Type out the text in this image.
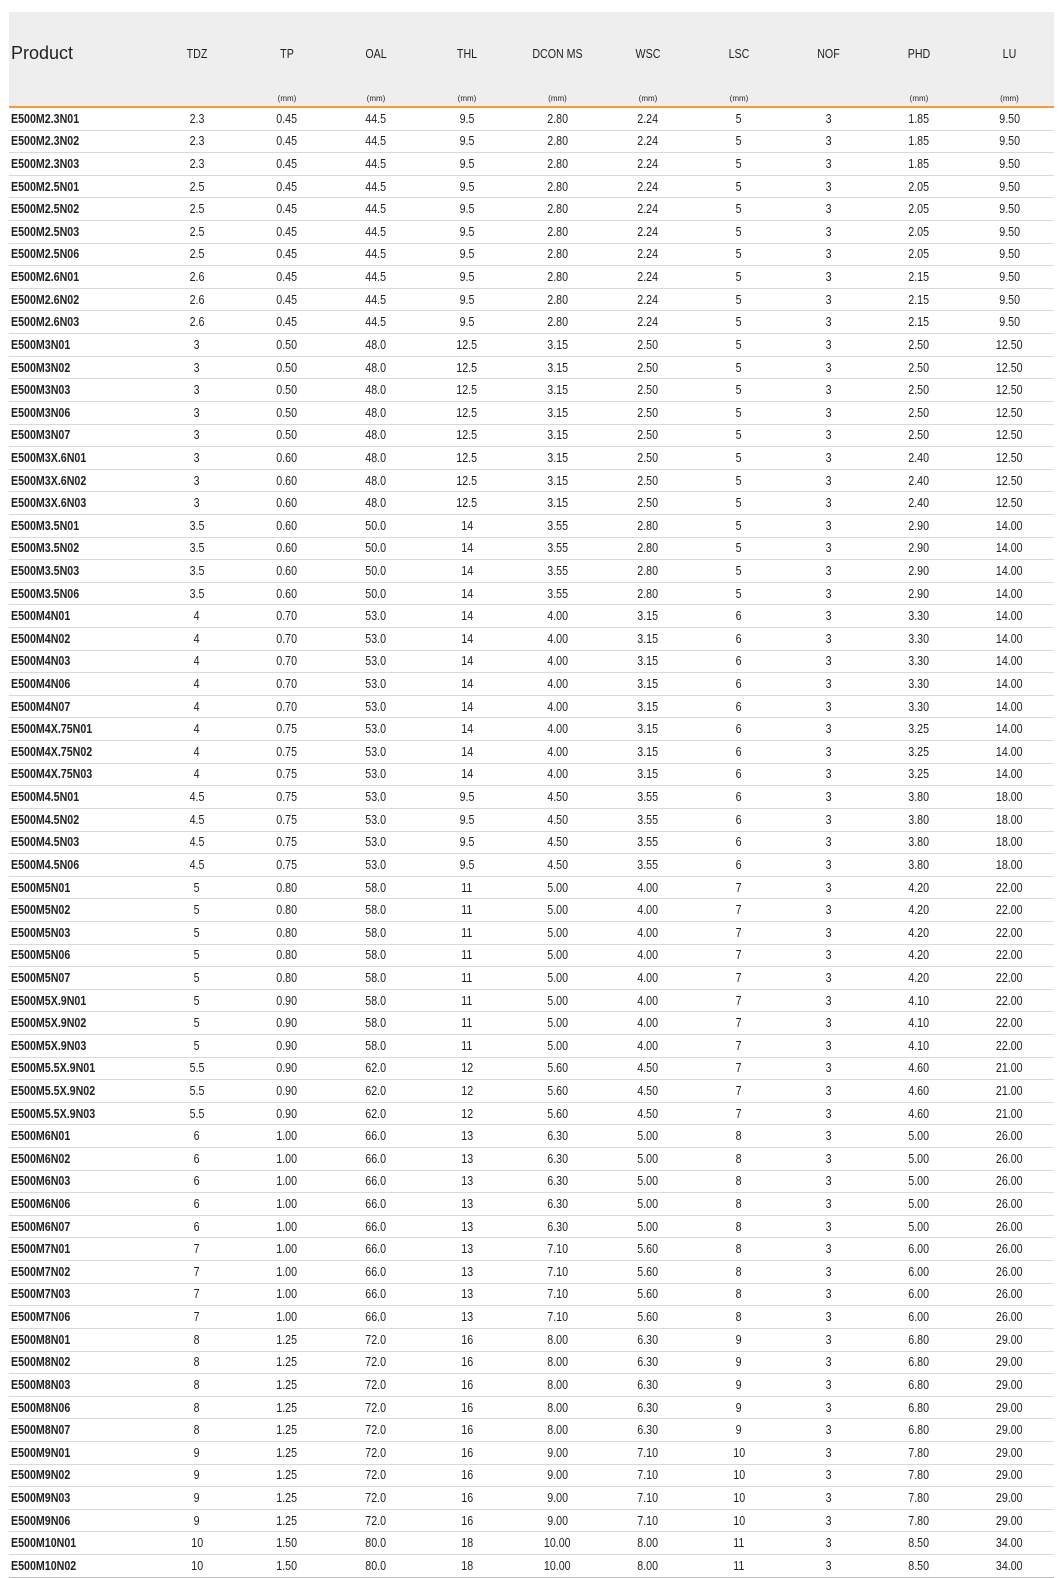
Product	TDZ	TP	OAL	THL	DCON MS	WSC	LSC	NOF	PHD	LU
		(mm)	(mm)	(mm)	(mm)	(mm)	(mm)		(mm)	(mm)
E500M2.3N01	2.3	0.45	44.5	9.5	2.80	2.24	5	3	1.85	9.50
E500M2.3N02	2.3	0.45	44.5	9.5	2.80	2.24	5	3	1.85	9.50
E500M2.3N03	2.3	0.45	44.5	9.5	2.80	2.24	5	3	1.85	9.50
E500M2.5N01	2.5	0.45	44.5	9.5	2.80	2.24	5	3	2.05	9.50
E500M2.5N02	2.5	0.45	44.5	9.5	2.80	2.24	5	3	2.05	9.50
E500M2.5N03	2.5	0.45	44.5	9.5	2.80	2.24	5	3	2.05	9.50
E500M2.5N06	2.5	0.45	44.5	9.5	2.80	2.24	5	3	2.05	9.50
E500M2.6N01	2.6	0.45	44.5	9.5	2.80	2.24	5	3	2.15	9.50
E500M2.6N02	2.6	0.45	44.5	9.5	2.80	2.24	5	3	2.15	9.50
E500M2.6N03	2.6	0.45	44.5	9.5	2.80	2.24	5	3	2.15	9.50
E500M3N01	3	0.50	48.0	12.5	3.15	2.50	5	3	2.50	12.50
E500M3N02	3	0.50	48.0	12.5	3.15	2.50	5	3	2.50	12.50
E500M3N03	3	0.50	48.0	12.5	3.15	2.50	5	3	2.50	12.50
E500M3N06	3	0.50	48.0	12.5	3.15	2.50	5	3	2.50	12.50
E500M3N07	3	0.50	48.0	12.5	3.15	2.50	5	3	2.50	12.50
E500M3X.6N01	3	0.60	48.0	12.5	3.15	2.50	5	3	2.40	12.50
E500M3X.6N02	3	0.60	48.0	12.5	3.15	2.50	5	3	2.40	12.50
E500M3X.6N03	3	0.60	48.0	12.5	3.15	2.50	5	3	2.40	12.50
E500M3.5N01	3.5	0.60	50.0	14	3.55	2.80	5	3	2.90	14.00
E500M3.5N02	3.5	0.60	50.0	14	3.55	2.80	5	3	2.90	14.00
E500M3.5N03	3.5	0.60	50.0	14	3.55	2.80	5	3	2.90	14.00
E500M3.5N06	3.5	0.60	50.0	14	3.55	2.80	5	3	2.90	14.00
E500M4N01	4	0.70	53.0	14	4.00	3.15	6	3	3.30	14.00
E500M4N02	4	0.70	53.0	14	4.00	3.15	6	3	3.30	14.00
E500M4N03	4	0.70	53.0	14	4.00	3.15	6	3	3.30	14.00
E500M4N06	4	0.70	53.0	14	4.00	3.15	6	3	3.30	14.00
E500M4N07	4	0.70	53.0	14	4.00	3.15	6	3	3.30	14.00
E500M4X.75N01	4	0.75	53.0	14	4.00	3.15	6	3	3.25	14.00
E500M4X.75N02	4	0.75	53.0	14	4.00	3.15	6	3	3.25	14.00
E500M4X.75N03	4	0.75	53.0	14	4.00	3.15	6	3	3.25	14.00
E500M4.5N01	4.5	0.75	53.0	9.5	4.50	3.55	6	3	3.80	18.00
E500M4.5N02	4.5	0.75	53.0	9.5	4.50	3.55	6	3	3.80	18.00
E500M4.5N03	4.5	0.75	53.0	9.5	4.50	3.55	6	3	3.80	18.00
E500M4.5N06	4.5	0.75	53.0	9.5	4.50	3.55	6	3	3.80	18.00
E500M5N01	5	0.80	58.0	11	5.00	4.00	7	3	4.20	22.00
E500M5N02	5	0.80	58.0	11	5.00	4.00	7	3	4.20	22.00
E500M5N03	5	0.80	58.0	11	5.00	4.00	7	3	4.20	22.00
E500M5N06	5	0.80	58.0	11	5.00	4.00	7	3	4.20	22.00
E500M5N07	5	0.80	58.0	11	5.00	4.00	7	3	4.20	22.00
E500M5X.9N01	5	0.90	58.0	11	5.00	4.00	7	3	4.10	22.00
E500M5X.9N02	5	0.90	58.0	11	5.00	4.00	7	3	4.10	22.00
E500M5X.9N03	5	0.90	58.0	11	5.00	4.00	7	3	4.10	22.00
E500M5.5X.9N01	5.5	0.90	62.0	12	5.60	4.50	7	3	4.60	21.00
E500M5.5X.9N02	5.5	0.90	62.0	12	5.60	4.50	7	3	4.60	21.00
E500M5.5X.9N03	5.5	0.90	62.0	12	5.60	4.50	7	3	4.60	21.00
E500M6N01	6	1.00	66.0	13	6.30	5.00	8	3	5.00	26.00
E500M6N02	6	1.00	66.0	13	6.30	5.00	8	3	5.00	26.00
E500M6N03	6	1.00	66.0	13	6.30	5.00	8	3	5.00	26.00
E500M6N06	6	1.00	66.0	13	6.30	5.00	8	3	5.00	26.00
E500M6N07	6	1.00	66.0	13	6.30	5.00	8	3	5.00	26.00
E500M7N01	7	1.00	66.0	13	7.10	5.60	8	3	6.00	26.00
E500M7N02	7	1.00	66.0	13	7.10	5.60	8	3	6.00	26.00
E500M7N03	7	1.00	66.0	13	7.10	5.60	8	3	6.00	26.00
E500M7N06	7	1.00	66.0	13	7.10	5.60	8	3	6.00	26.00
E500M8N01	8	1.25	72.0	16	8.00	6.30	9	3	6.80	29.00
E500M8N02	8	1.25	72.0	16	8.00	6.30	9	3	6.80	29.00
E500M8N03	8	1.25	72.0	16	8.00	6.30	9	3	6.80	29.00
E500M8N06	8	1.25	72.0	16	8.00	6.30	9	3	6.80	29.00
E500M8N07	8	1.25	72.0	16	8.00	6.30	9	3	6.80	29.00
E500M9N01	9	1.25	72.0	16	9.00	7.10	10	3	7.80	29.00
E500M9N02	9	1.25	72.0	16	9.00	7.10	10	3	7.80	29.00
E500M9N03	9	1.25	72.0	16	9.00	7.10	10	3	7.80	29.00
E500M9N06	9	1.25	72.0	16	9.00	7.10	10	3	7.80	29.00
E500M10N01	10	1.50	80.0	18	10.00	8.00	11	3	8.50	34.00
E500M10N02	10	1.50	80.0	18	10.00	8.00	11	3	8.50	34.00
